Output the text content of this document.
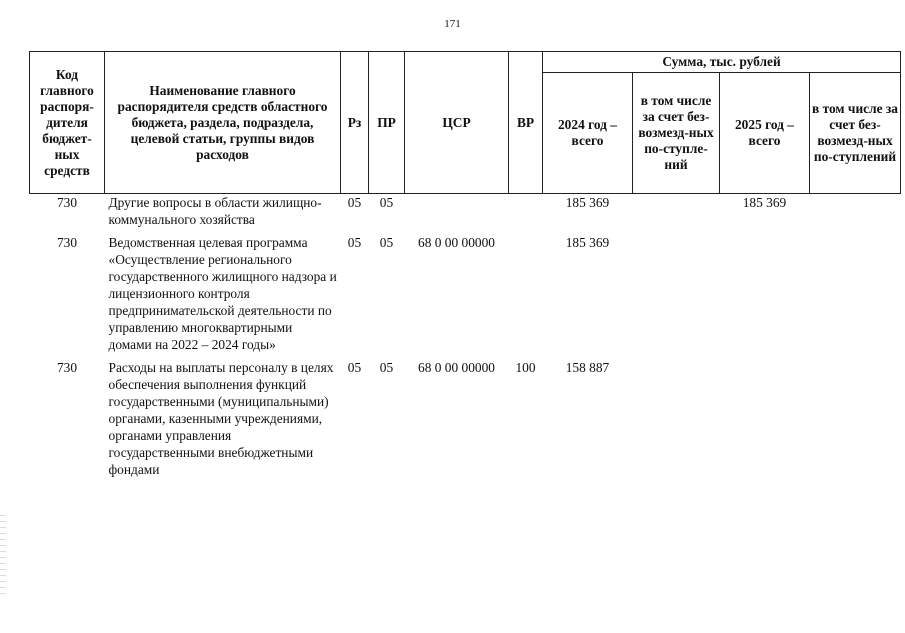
171
Код главного распоря-дителя бюджет-ных средств	Наименование главного распорядителя средств областного бюджета, раздела, подраздела, целевой статьи, группы видов расходов	Рз	ПР	ЦСР	ВР	Сумма, тыс. рублей			
						2024 год – всего	в том числе за счет без-возмезд-ных по-ступле-ний	2025 год – всего	в том числе за счет без-возмезд-ных по-ступлений
730	Другие вопросы в области жилищно-коммунального хозяйства	05	05			185 369		185 369	

730	Ведомственная целевая программа «Осуществление регионального государственного жилищного надзора и лицензионного контроля предпринимательской деятельности по управлению многоквартирными домами на 2022 – 2024 годы»	05	05	68 0 00 00000		185 369			

730	Расходы на выплаты персоналу в целях обеспечения выполнения функций государственными (муниципальными) органами, казенными учреждениями, органами управления государственными внебюджетными фондами	05	05	68 0 00 00000	100	158 887			
